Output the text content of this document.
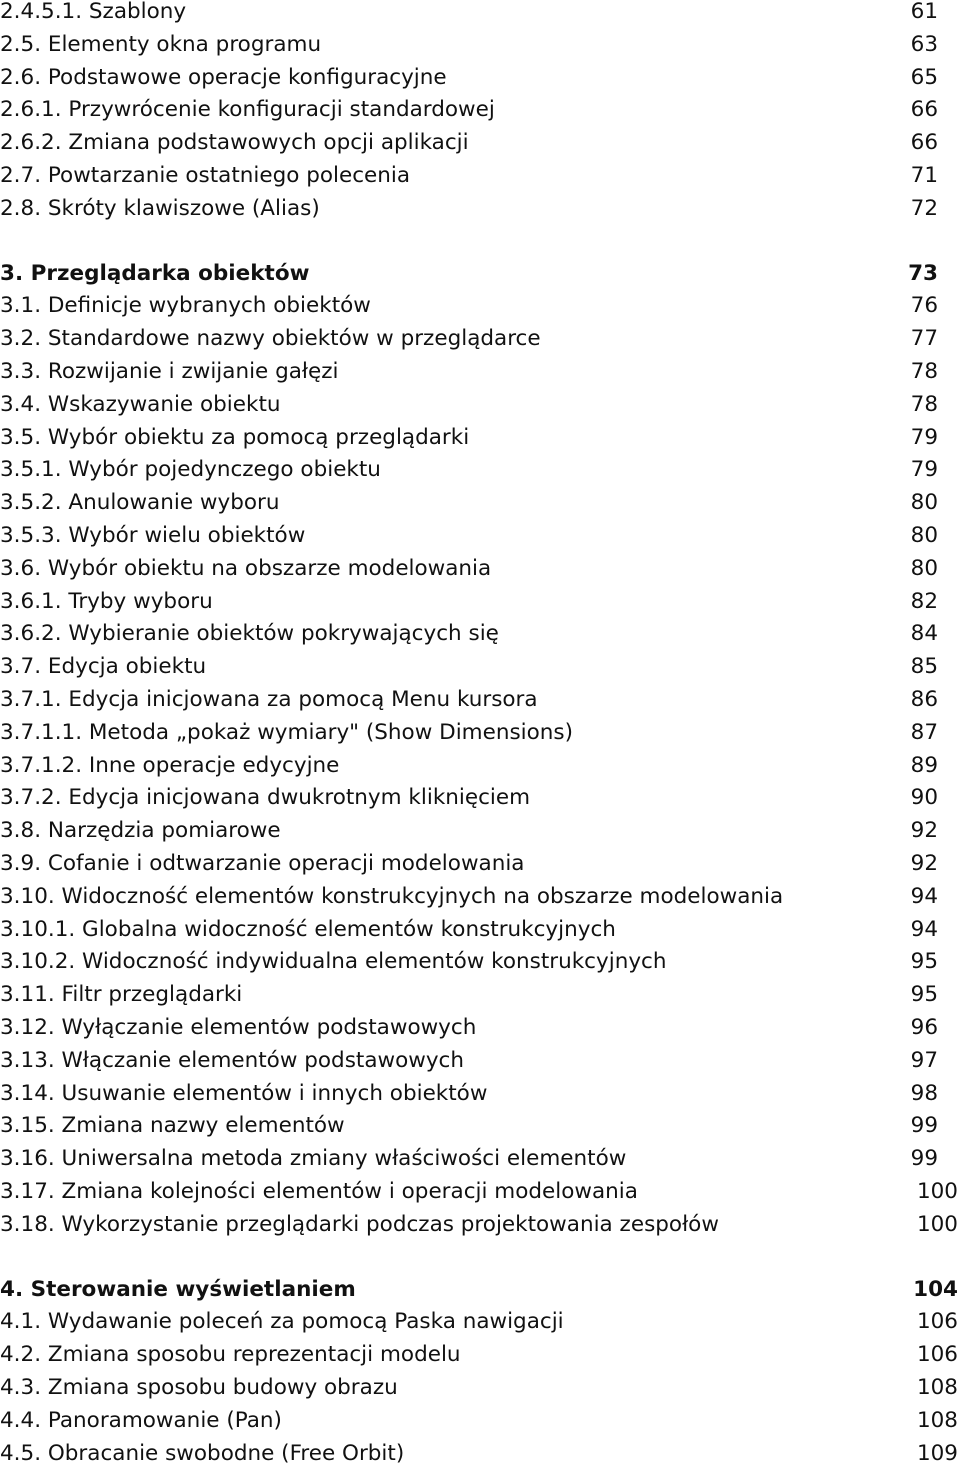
2.4.5.1. Szablony	61
2.5. Elementy okna programu	63
2.6. Podstawowe operacje konfiguracyjne	65
2.6.1. Przywrócenie konfiguracji standardowej	66
2.6.2. Zmiana podstawowych opcji aplikacji	66
2.7. Powtarzanie ostatniego polecenia	71
2.8. Skróty klawiszowe (Alias)	72
3. Przeglądarka obiektów	73
3.1. Definicje wybranych obiektów	76
3.2. Standardowe nazwy obiektów w przeglądarce	77
3.3. Rozwijanie i zwijanie gałęzi	78
3.4. Wskazywanie obiektu	78
3.5. Wybór obiektu za pomocą przeglądarki	79
3.5.1. Wybór pojedynczego obiektu	79
3.5.2. Anulowanie wyboru	80
3.5.3. Wybór wielu obiektów	80
3.6. Wybór obiektu na obszarze modelowania	80
3.6.1. Tryby wyboru	82
3.6.2. Wybieranie obiektów pokrywających się	84
3.7. Edycja obiektu	85
3.7.1. Edycja inicjowana za pomocą Menu kursora	86
3.7.1.1. Metoda „pokaż wymiary" (Show Dimensions)	87
3.7.1.2. Inne operacje edycyjne	89
3.7.2. Edycja inicjowana dwukrotnym kliknięciem	90
3.8. Narzędzia pomiarowe	92
3.9. Cofanie i odtwarzanie operacji modelowania	92
3.10. Widoczność elementów konstrukcyjnych na obszarze modelowania	94
3.10.1. Globalna widoczność elementów konstrukcyjnych	94
3.10.2. Widoczność indywidualna elementów konstrukcyjnych	95
3.11. Filtr przeglądarki	95
3.12. Wyłączanie elementów podstawowych	96
3.13. Włączanie elementów podstawowych	97
3.14. Usuwanie elementów i innych obiektów	98
3.15. Zmiana nazwy elementów	99
3.16. Uniwersalna metoda zmiany właściwości elementów	99
3.17. Zmiana kolejności elementów i operacji modelowania	100
3.18. Wykorzystanie przeglądarki podczas projektowania zespołów	100
4. Sterowanie wyświetlaniem	104
4.1. Wydawanie poleceń za pomocą Paska nawigacji	106
4.2. Zmiana sposobu reprezentacji modelu	106
4.3. Zmiana sposobu budowy obrazu	108
4.4. Panoramowanie (Pan)	108
4.5. Obracanie swobodne (Free Orbit)	109
